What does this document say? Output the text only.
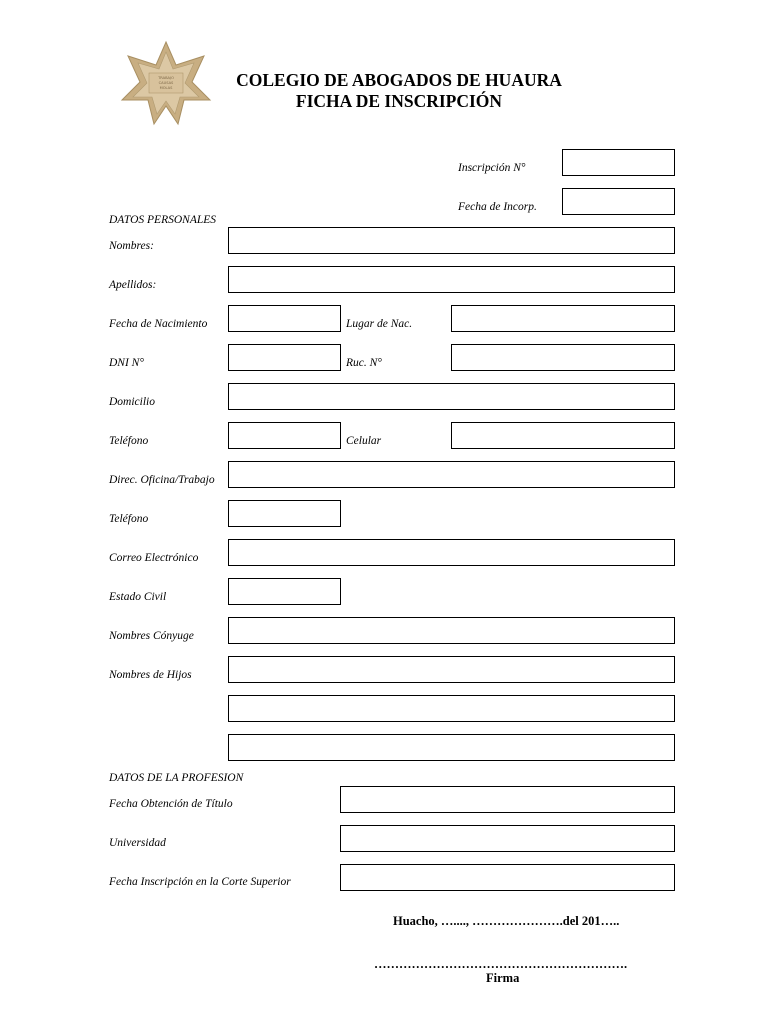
TRABAJO
CAUSAS
MOLAS	COLEGIO DE ABOGADOS DE HUAURA
FICHA DE INSCRIPCIÓN
Inscripción N°
Fecha de Incorp.
DATOS PERSONALES
Nombres:
Apellidos:
Fecha de Nacimiento	Lugar de Nac.
DNI N°	Ruc. N°
Domicilio
Teléfono	Celular
Direc. Oficina/Trabajo
Teléfono
Correo Electrónico
Estado Civil
Nombres Cónyuge
Nombres de Hijos
DATOS DE LA PROFESION
Fecha Obtención de Título
Universidad
Fecha Inscripción en la Corte Superior
Huacho, …...., ………………….del 201…..
…………………………………………………….
Firma
